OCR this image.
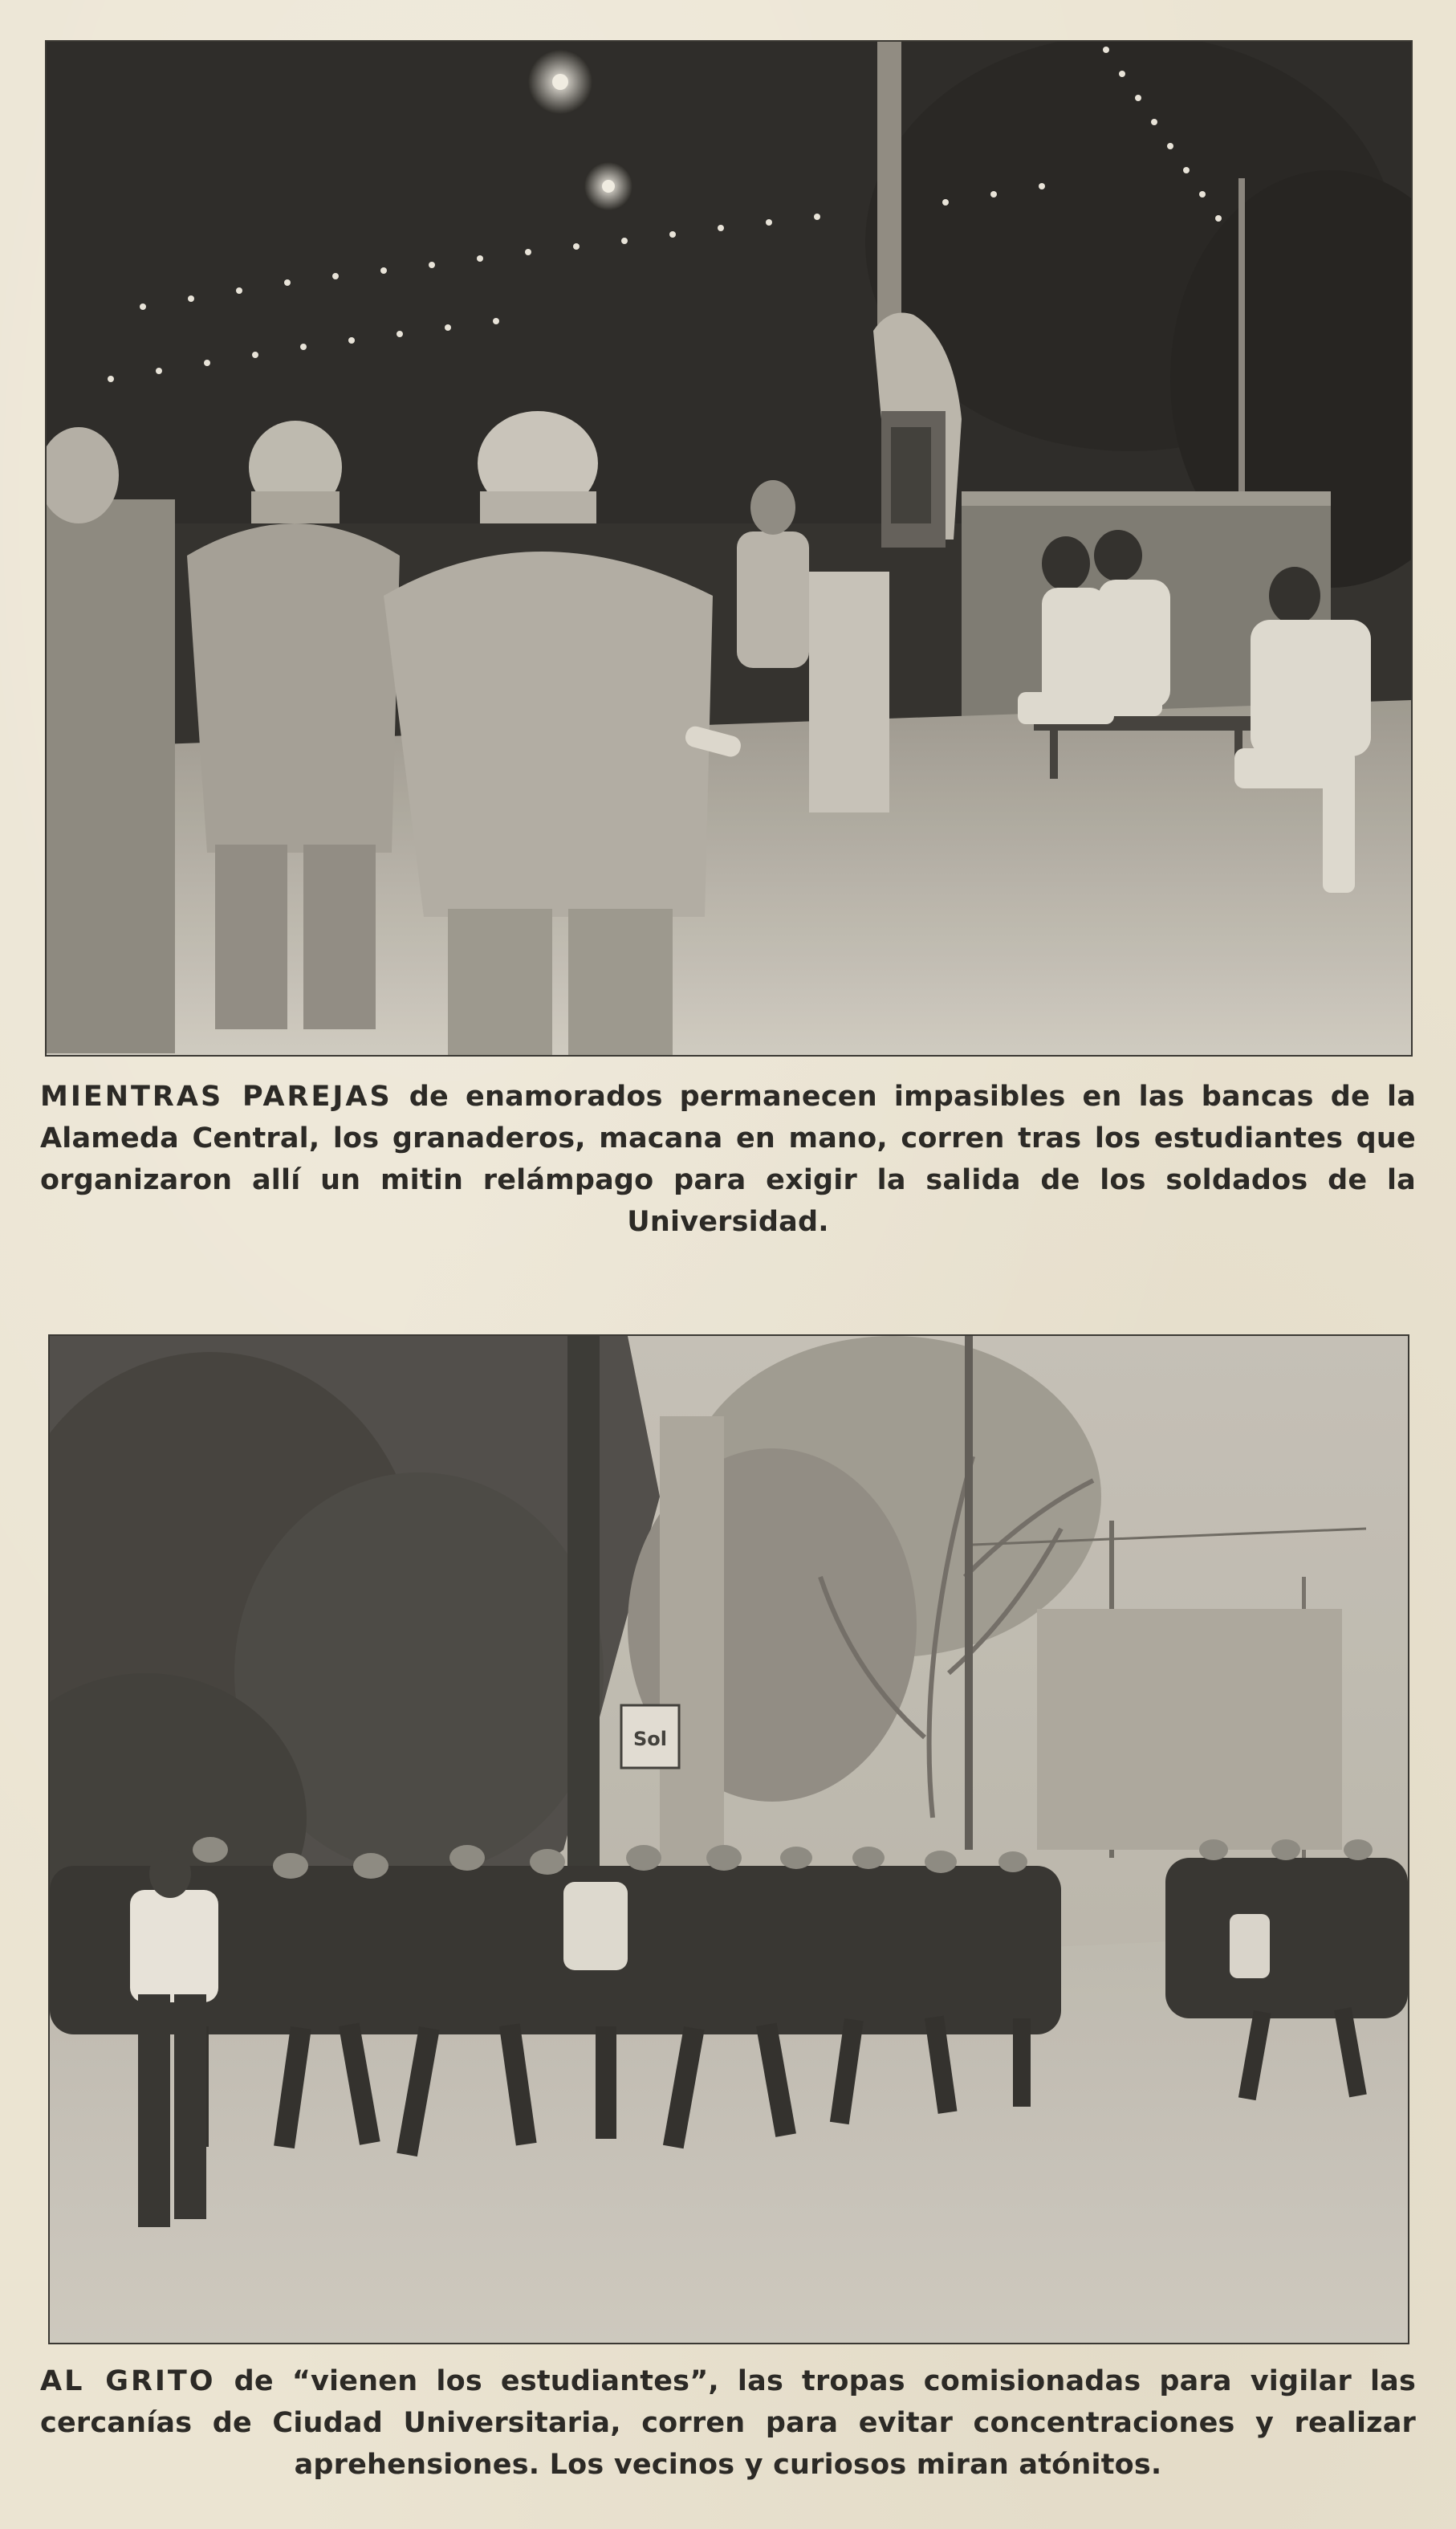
MIENTRAS PAREJAS de enamorados permanecen impasibles en las bancas de la Alameda Central, los granaderos, macana en mano, corren tras los estudiantes que organizaron allí un mitin relámpago para exigir la salida de los soldados de la Universidad.
Sol
AL GRITO de “vienen los estudiantes”, las tropas comisionadas para vigilar las cercanías de Ciudad Universitaria, corren para evitar concentraciones y realizar aprehensiones. Los vecinos y curiosos miran atónitos.
